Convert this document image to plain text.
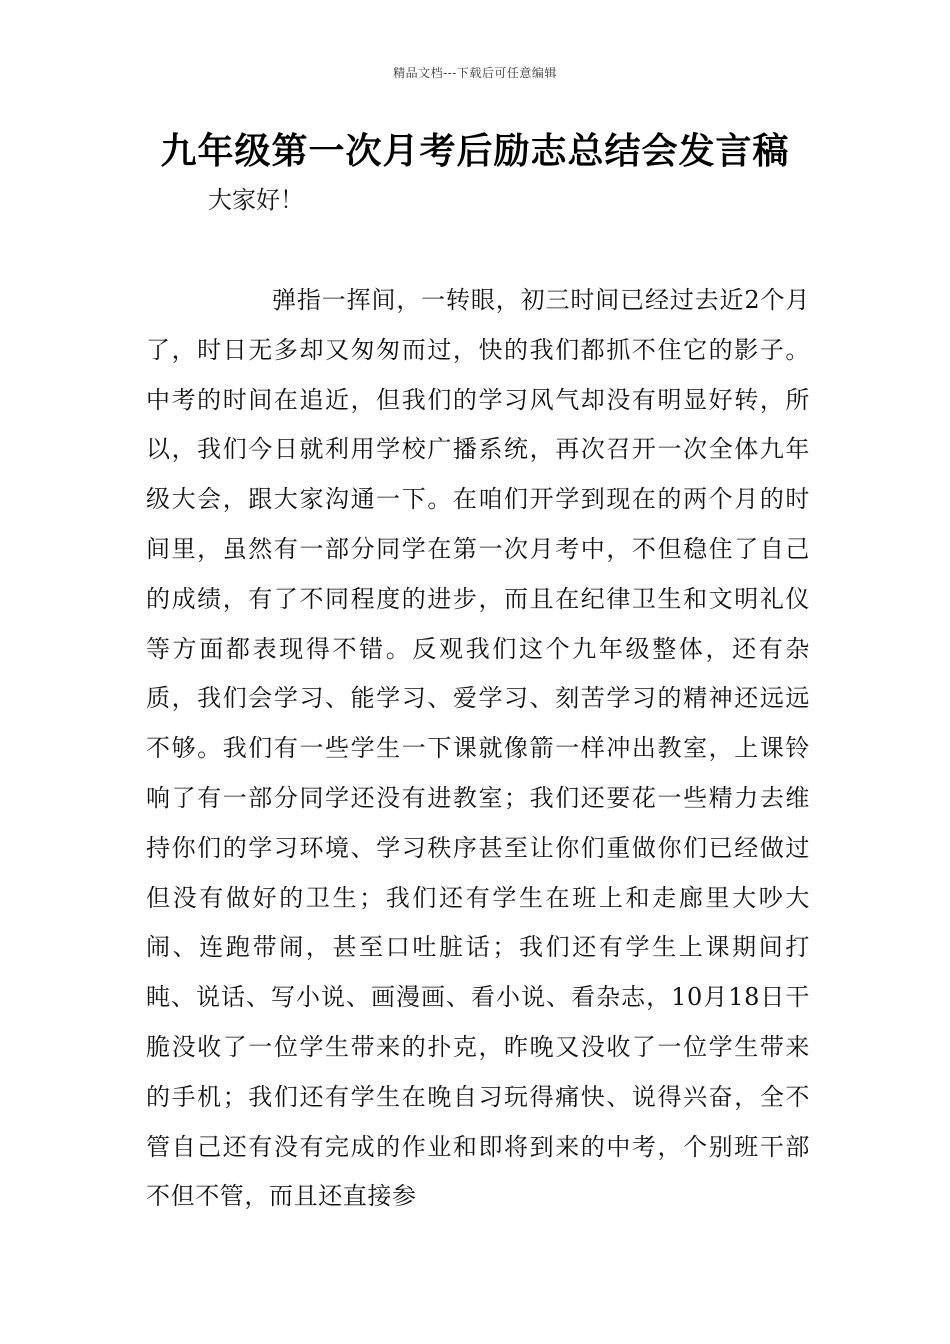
精品文档---下载后可任意编辑
九年级第一次月考后励志总结会发言稿
大家好！

弹指一挥间，一转眼，初三时间已经过去近2个月了，时日无多却又匆匆而过，快的我们都抓不住它的影子。中考的时间在追近，但我们的学习风气却没有明显好转，所以，我们今日就利用学校广播系统，再次召开一次全体九年级大会，跟大家沟通一下。在咱们开学到现在的两个月的时间里，虽然有一部分同学在第一次月考中，不但稳住了自己的成绩，有了不同程度的进步，而且在纪律卫生和文明礼仪等方面都表现得不错。反观我们这个九年级整体，还有杂质，我们会学习、能学习、爱学习、刻苦学习的精神还远远不够。我们有一些学生一下课就像箭一样冲出教室，上课铃响了有一部分同学还没有进教室；我们还要花一些精力去维持你们的学习环境、学习秩序甚至让你们重做你们已经做过但没有做好的卫生；我们还有学生在班上和走廊里大吵大闹、连跑带闹，甚至口吐脏话；我们还有学生上课期间打盹、说话、写小说、画漫画、看小说、看杂志，10月18日干脆没收了一位学生带来的扑克，昨晚又没收了一位学生带来的手机；我们还有学生在晚自习玩得痛快、说得兴奋，全不管自己还有没有完成的作业和即将到来的中考，个别班干部不但不管，而且还直接参
